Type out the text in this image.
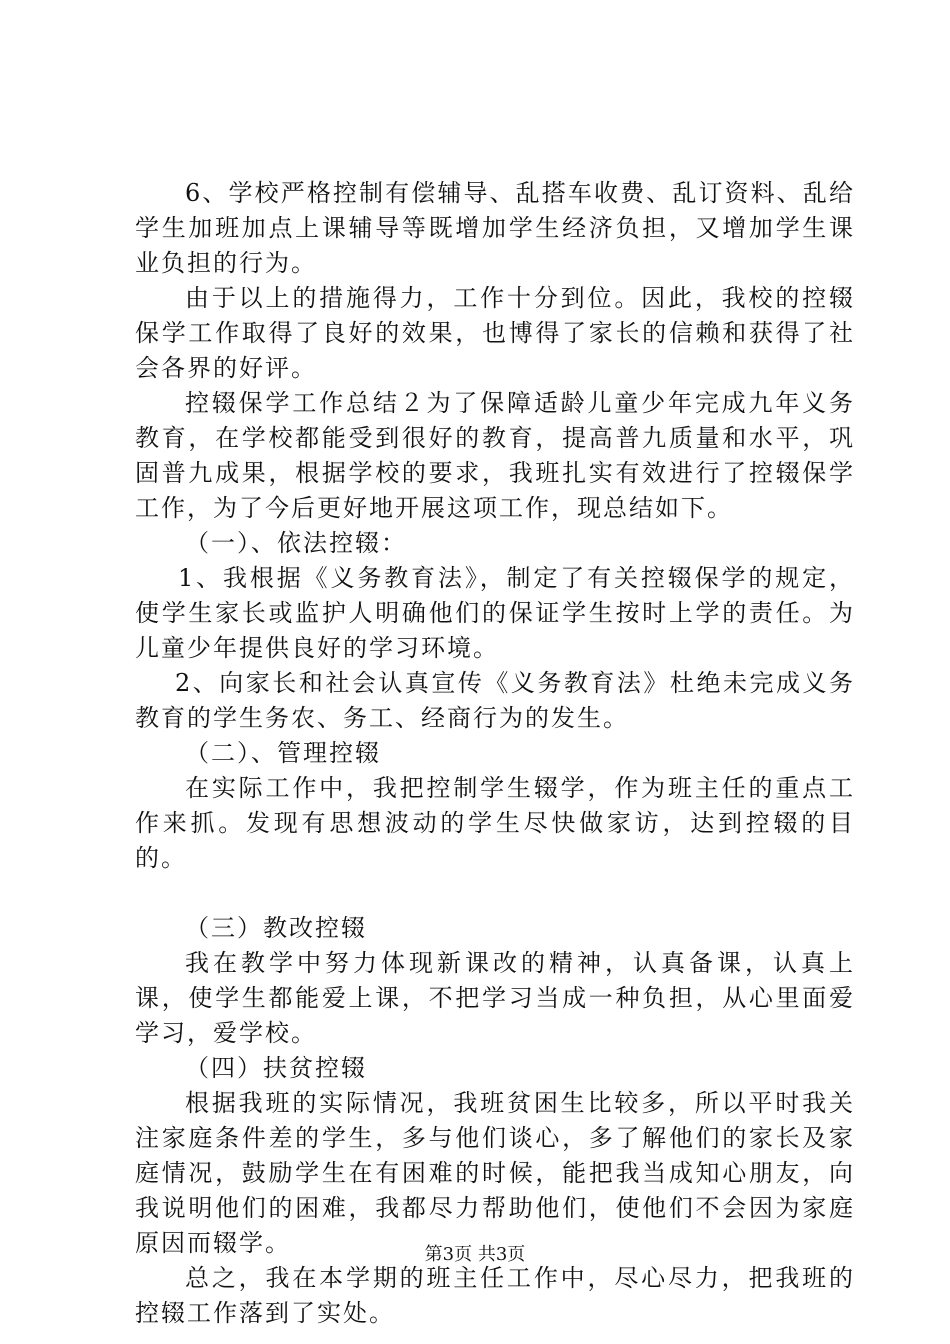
6、学校严格控制有偿辅导、乱搭车收费、乱订资料、乱给学生加班加点上课辅导等既增加学生经济负担，又增加学生课业负担的行为。

由于以上的措施得力，工作十分到位。因此，我校的控辍保学工作取得了良好的效果，也博得了家长的信赖和获得了社会各界的好评。

控辍保学工作总结２为了保障适龄儿童少年完成九年义务教育，在学校都能受到很好的教育，提高普九质量和水平，巩固普九成果，根据学校的要求，我班扎实有效进行了控辍保学工作，为了今后更好地开展这项工作，现总结如下。

（一）、依法控辍：

1、我根据《义务教育法》，制定了有关控辍保学的规定，使学生家长或监护人明确他们的保证学生按时上学的责任。为儿童少年提供良好的学习环境。

2、向家长和社会认真宣传《义务教育法》杜绝未完成义务教育的学生务农、务工、经商行为的发生。

（二）、管理控辍

在实际工作中，我把控制学生辍学，作为班主任的重点工作来抓。发现有思想波动的学生尽快做家访，达到控辍的目的。

（三）教改控辍

我在教学中努力体现新课改的精神，认真备课，认真上课，使学生都能爱上课，不把学习当成一种负担，从心里面爱学习，爱学校。

（四）扶贫控辍

根据我班的实际情况，我班贫困生比较多，所以平时我关注家庭条件差的学生，多与他们谈心，多了解他们的家长及家庭情况，鼓励学生在有困难的时候，能把我当成知心朋友，向我说明他们的困难，我都尽力帮助他们，使他们不会因为家庭原因而辍学。

总之，我在本学期的班主任工作中，尽心尽力，把我班的控辍工作落到了实处。

第3页 共3页
